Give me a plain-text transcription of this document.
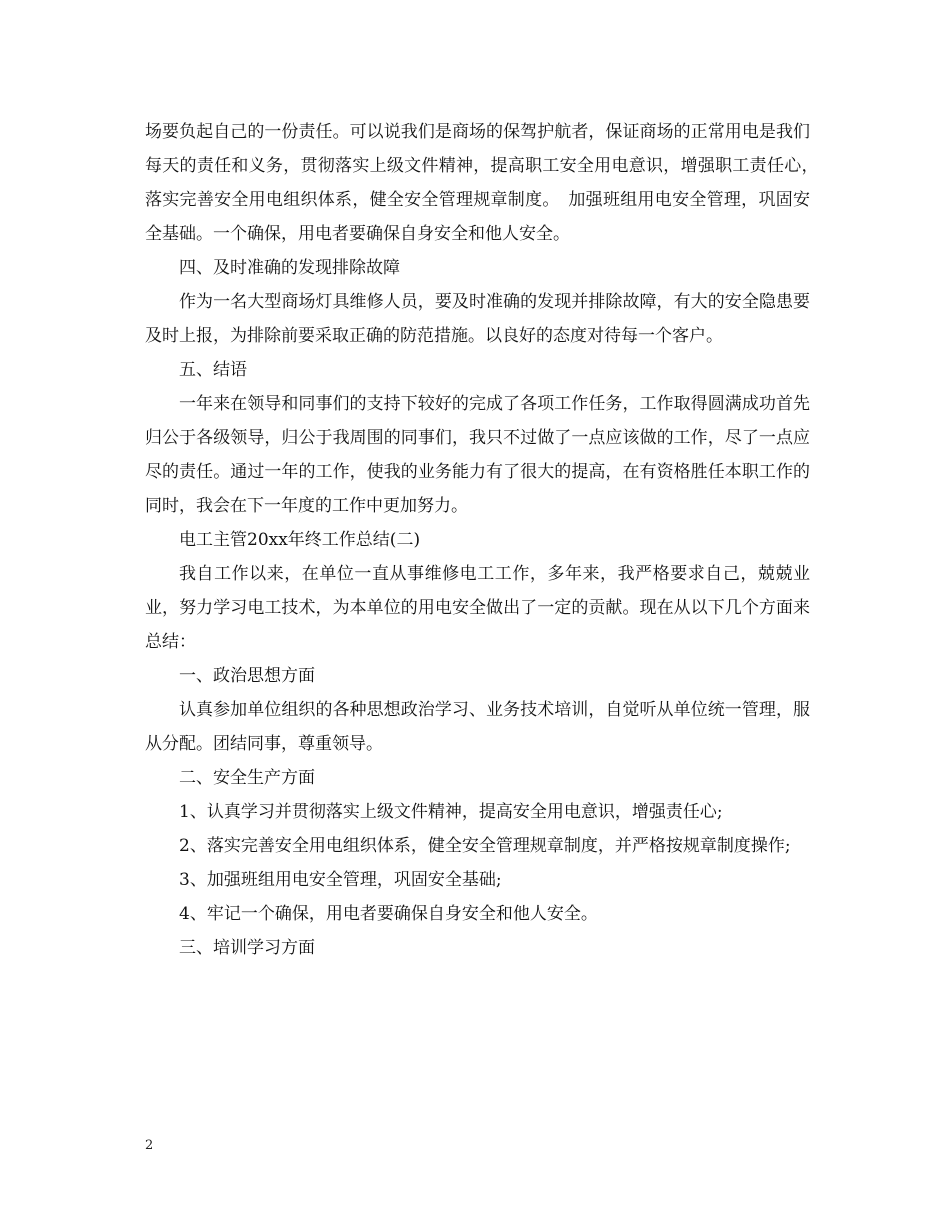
场要负起自己的一份责任。可以说我们是商场的保驾护航者，保证商场的正常用电是我们每天的责任和义务，贯彻落实上级文件精神，提高职工安全用电意识，增强职工责任心，　落实完善安全用电组织体系，健全安全管理规章制度。　加强班组用电安全管理，巩固安全基础。一个确保，用电者要确保自身安全和他人安全。

四、及时准确的发现排除故障

作为一名大型商场灯具维修人员，要及时准确的发现并排除故障，有大的安全隐患要及时上报，为排除前要采取正确的防范措施。以良好的态度对待每一个客户。

五、结语

一年来在领导和同事们的支持下较好的完成了各项工作任务，工作取得圆满成功首先归公于各级领导，归公于我周围的同事们，我只不过做了一点应该做的工作，尽了一点应尽的责任。通过一年的工作，使我的业务能力有了很大的提高，在有资格胜任本职工作的同时，我会在下一年度的工作中更加努力。

电工主管20xx年终工作总结(二)

我自工作以来，在单位一直从事维修电工工作，多年来，我严格要求自己，兢兢业业，努力学习电工技术，为本单位的用电安全做出了一定的贡献。现在从以下几个方面来总结：

一、政治思想方面

认真参加单位组织的各种思想政治学习、业务技术培训，自觉听从单位统一管理，服从分配。团结同事，尊重领导。

二、安全生产方面

1、认真学习并贯彻落实上级文件精神，提高安全用电意识，增强责任心;

2、落实完善安全用电组织体系，健全安全管理规章制度，并严格按规章制度操作;

3、加强班组用电安全管理，巩固安全基础;

4、牢记一个确保，用电者要确保自身安全和他人安全。

三、培训学习方面

2
